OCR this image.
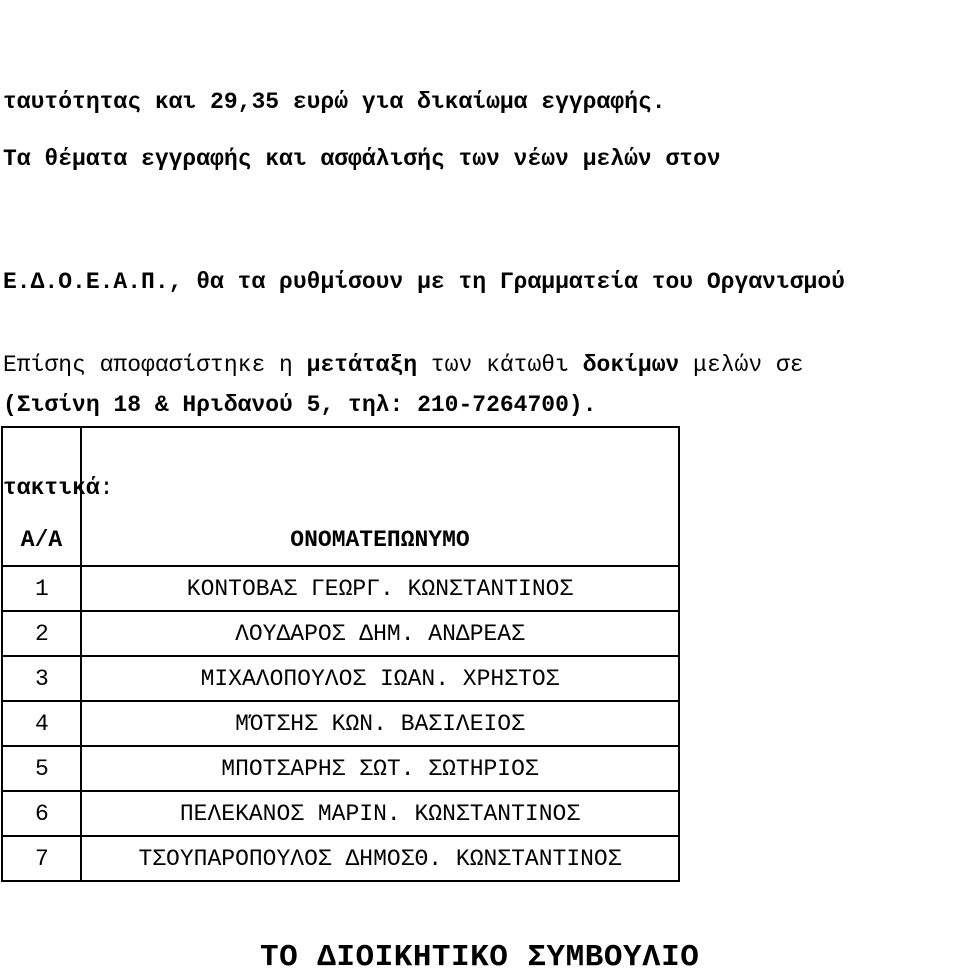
ταυτότητας και 29,35 ευρώ για δικαίωμα εγγραφής.

Τα θέματα εγγραφής και ασφάλισής των νέων μελών στον

Ε.Δ.Ο.Ε.Α.Π., θα τα ρυθμίσουν με τη Γραμματεία του Οργανισμού

(Σισίνη 18 & Ηριδανού 5, τηλ: 210-7264700).

Επίσης αποφασίστηκε η μετάταξη των κάτωθι δοκίμων μελών σε

τακτικά:

Α/Α	ΟΝΟΜΑΤΕΠΩΝΥΜΟ
1	ΚΟΝΤΟΒΑΣ ΓΕΩΡΓ. ΚΩΝΣΤΑΝΤΙΝΟΣ
2	ΛΟΥΔΑΡΟΣ ΔΗΜ. ΑΝΔΡΕΑΣ
3	ΜΙΧΑΛΟΠΟΥΛΟΣ ΙΩΑΝ. ΧΡΗΣΤΟΣ
4	ΜΌΤΣΗΣ ΚΩΝ. ΒΑΣΙΛΕΙΟΣ
5	ΜΠΟΤΣΑΡΗΣ ΣΩΤ. ΣΩΤΗΡΙΟΣ
6	ΠΕΛΕΚΑΝΟΣ ΜΑΡΙΝ. ΚΩΝΣΤΑΝΤΙΝΟΣ
7	ΤΣΟΥΠΑΡΟΠΟΥΛΟΣ ΔΗΜΟΣΘ. ΚΩΝΣΤΑΝΤΙΝΟΣ
ΤΟ ΔΙΟΙΚΗΤΙΚΟ ΣΥΜΒΟΥΛΙΟ
